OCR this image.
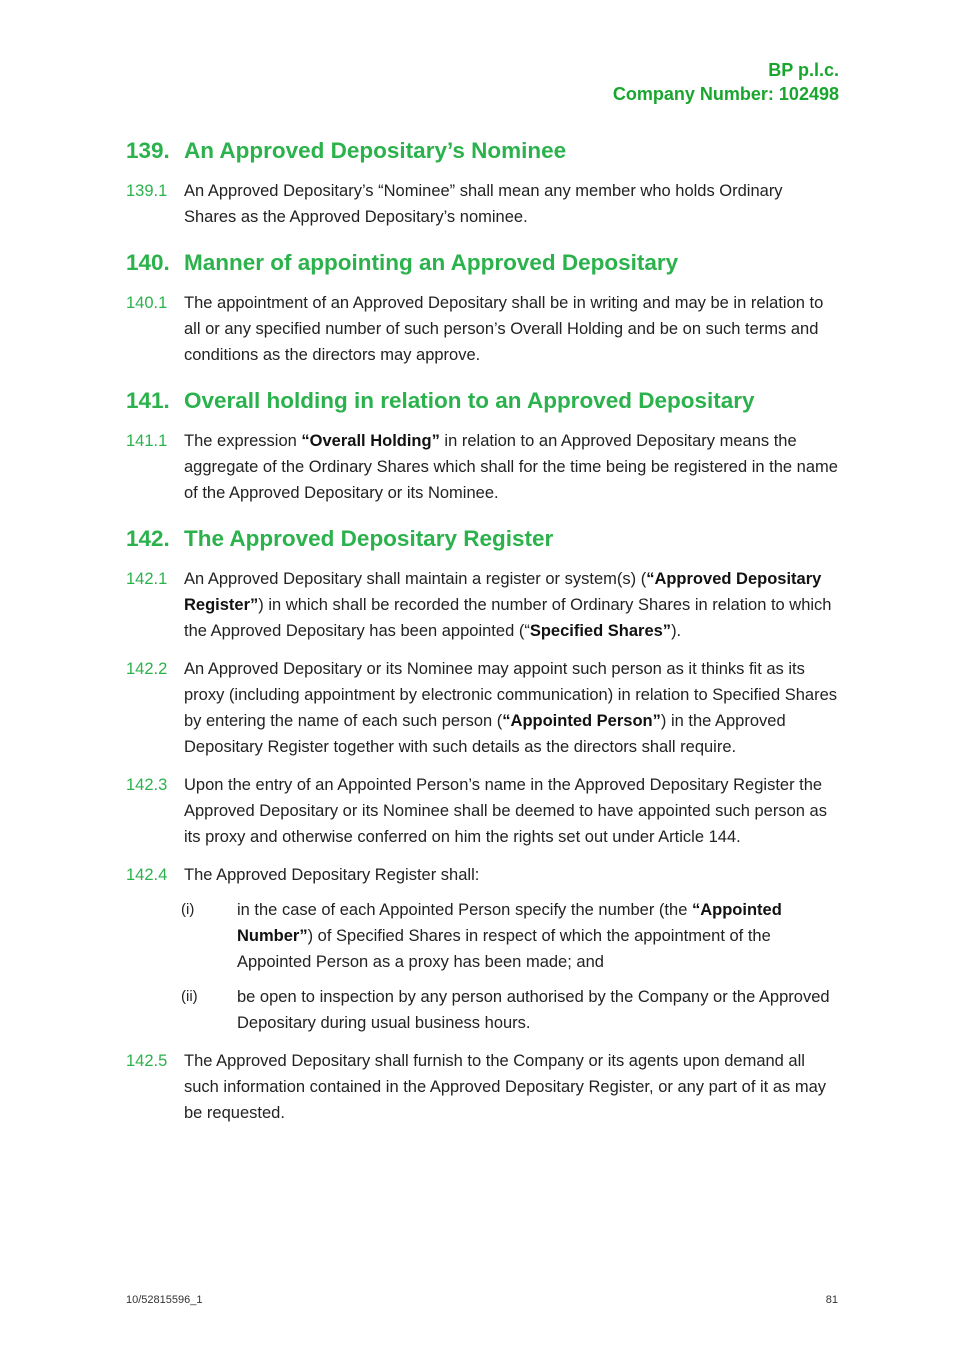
BP p.l.c.
Company Number: 102498
139. An Approved Depositary’s Nominee
139.1	An Approved Depositary’s “Nominee” shall mean any member who holds Ordinary Shares as the Approved Depositary’s nominee.
140. Manner of appointing an Approved Depositary
140.1	The appointment of an Approved Depositary shall be in writing and may be in relation to all or any specified number of such person’s Overall Holding and be on such terms and conditions as the directors may approve.
141. Overall holding in relation to an Approved Depositary
141.1	The expression “Overall Holding” in relation to an Approved Depositary means the aggregate of the Ordinary Shares which shall for the time being be registered in the name of the Approved Depositary or its Nominee.
142. The Approved Depositary Register
142.1	An Approved Depositary shall maintain a register or system(s) (“Approved Depositary Register”) in which shall be recorded the number of Ordinary Shares in relation to which the Approved Depositary has been appointed (“Specified Shares”).
142.2	An Approved Depositary or its Nominee may appoint such person as it thinks fit as its proxy (including appointment by electronic communication) in relation to Specified Shares by entering the name of each such person (“Appointed Person”) in the Approved Depositary Register together with such details as the directors shall require.
142.3	Upon the entry of an Appointed Person’s name in the Approved Depositary Register the Approved Depositary or its Nominee shall be deemed to have appointed such person as its proxy and otherwise conferred on him the rights set out under Article 144.
142.4	The Approved Depositary Register shall:
(i)	in the case of each Appointed Person specify the number (the “Appointed Number”) of Specified Shares in respect of which the appointment of the Appointed Person as a proxy has been made; and
(ii)	be open to inspection by any person authorised by the Company or the Approved Depositary during usual business hours.
142.5	The Approved Depositary shall furnish to the Company or its agents upon demand all such information contained in the Approved Depositary Register, or any part of it as may be requested.
10/52815596_1	81
